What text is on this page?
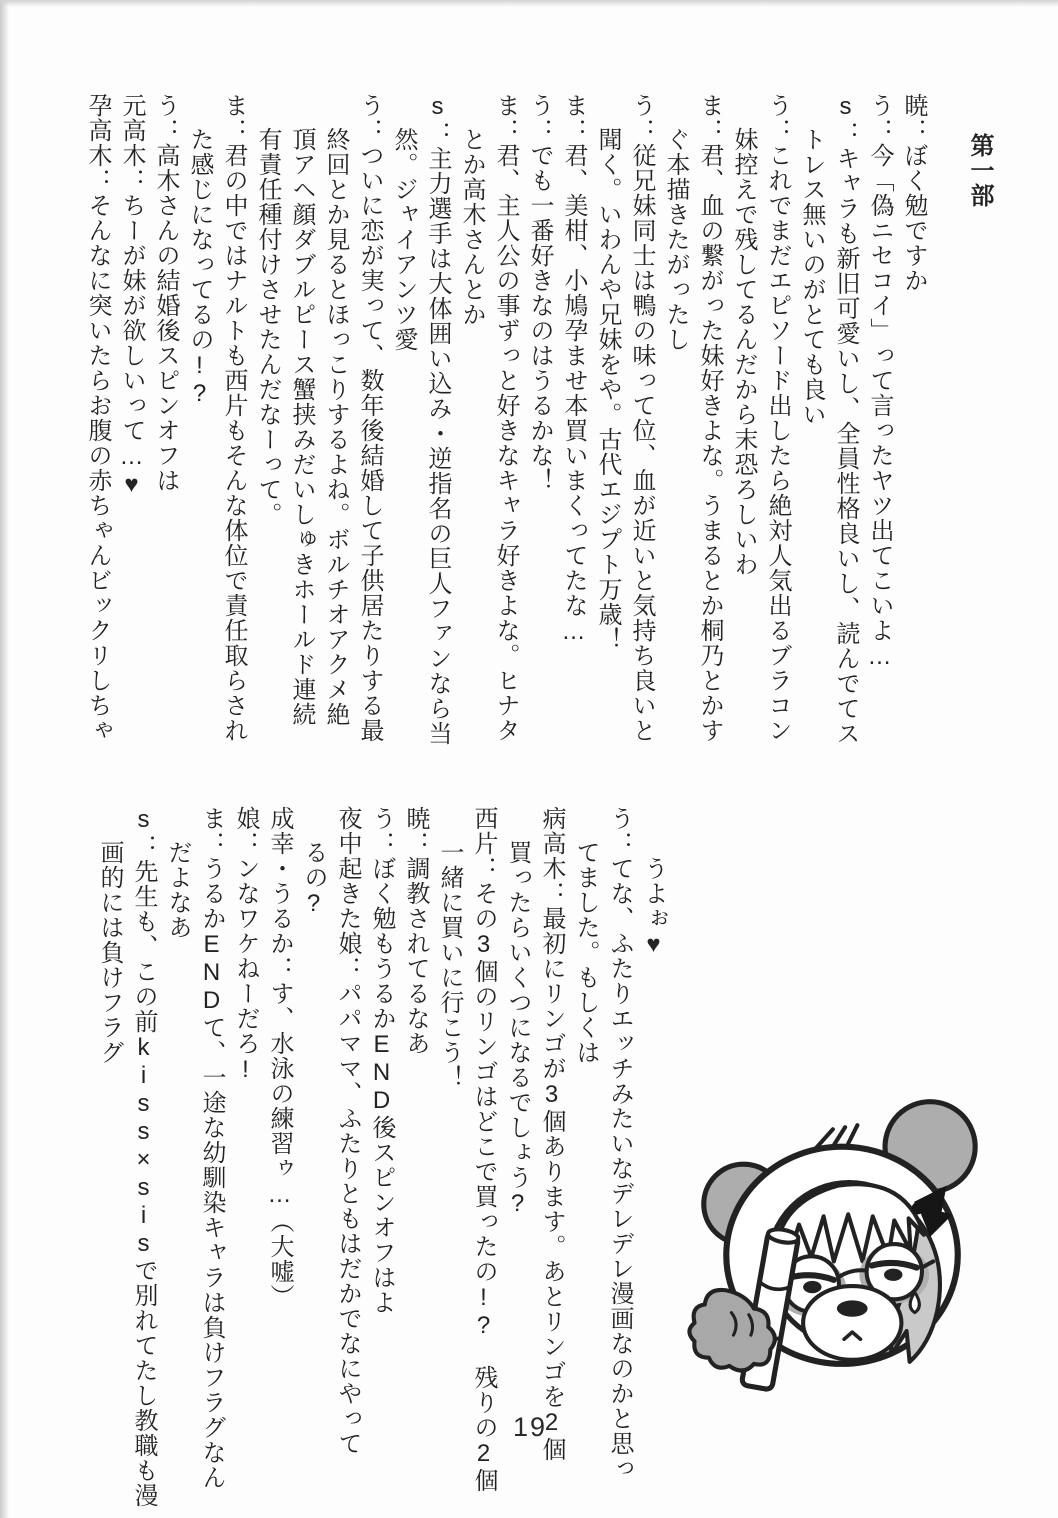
第一部

暁：ぼく勉ですか

う：今「偽ニセコイ」って言ったヤツ出てこいよ…

s：キャラも新旧可愛いし、全員性格良いし、読んでてス

トレス無いのがとても良い

う：これでまだエピソード出したら絶対人気出るブラコン

妹控えで残してるんだから末恐ろしいわ

ま：君、血の繋がった妹好きよな。うまるとか桐乃とかす

ぐ本描きたがったし

う：従兄妹同士は鴨の味って位、血が近いと気持ち良いと

聞く。いわんや兄妹をや。古代エジプト万歳！

ま：君、美柑、小鳩孕ませ本買いまくってたな…

う：でも一番好きなのはうるかな！

ま：君、主人公の事ずっと好きなキャラ好きよな。ヒナタ

とか高木さんとか

s：主力選手は大体囲い込み・逆指名の巨人ファンなら当

然。ジャイアンツ愛

う：ついに恋が実って、数年後結婚して子供居たりする最

終回とか見るとほっこりするよね。ボルチオアクメ絶

頂アヘ顔ダブルピース蟹挟みだいしゅきホールド連続

有責任種付けさせたんだなーって。

ま：君の中ではナルトも西片もそんな体位で責任取らされ

た感じになってるの!?

う：高木さんの結婚後スピンオフは

元高木：ちーが妹が欲しいって…♥

孕高木：そんなに突いたらお腹の赤ちゃんビックリしちゃ

うよぉ♥

う：てな、ふたりエッチみたいなデレデレ漫画なのかと思っ

てました。もしくは

病高木：最初にリンゴが3個あります。あとリンゴを2個

買ったらいくつになるでしょう?

西片：その3個のリンゴはどこで買ったの!?　残りの2個

一緒に買いに行こう！

暁：調教されてるなあ

う：ぼく勉もうるかEND後スピンオフはよ

夜中起きた娘：パパママ、ふたりともはだかでなにやって

るの?

成幸・うるか：す、水泳の練習ゥ…（大嘘）

娘：ンなワケねーだろ!

ま：うるかENDて、一途な幼馴染キャラは負けフラグなん

だよなあ

s：先生も、この前kiss×sisで別れてたし教職も漫

画的には負けフラグ

19
